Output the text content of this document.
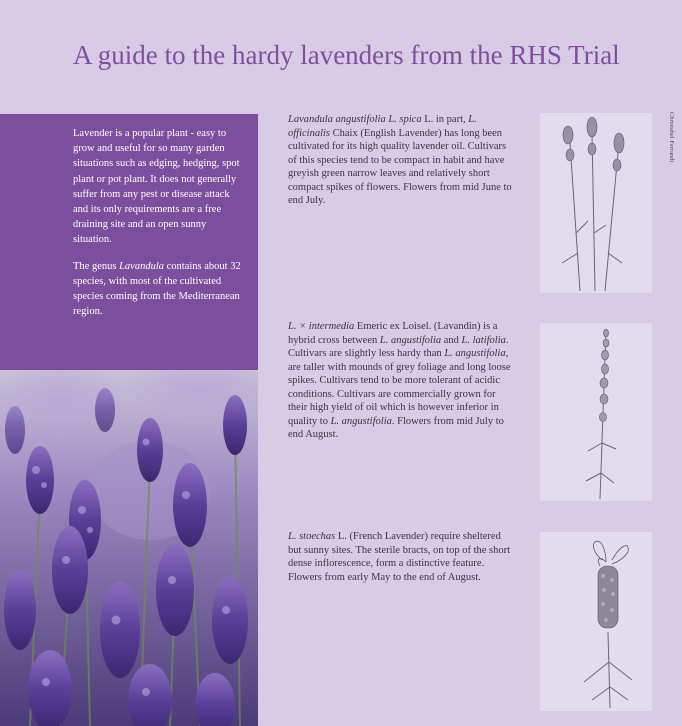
A guide to the hardy lavenders from the RHS Trial

Lavender is a popular plant - easy to grow and useful for so many garden situations such as edging, hedging, spot plant or pot plant. It does not generally suffer from any pest or disease attack and its only requirements are a free draining site and an open sunny situation.

The genus Lavandula contains about 32 species, with most of the cultivated species coming from the Mediterranean region.

Lavandula angustifolia L. spica L. in part, L. officinalis Chaix (English Lavender) has long been cultivated for its high quality lavender oil. Cultivars of this species tend to be compact in habit and have greyish green narrow leaves and relatively short compact spikes of flowers. Flowers from mid June to end July.

L. × intermedia Emeric ex Loisel. (Lavandin) is a hybrid cross between L. angustifolia and L. latifolia. Cultivars are slightly less hardy than L. angustifolia, are taller with mounds of grey foliage and long loose spikes. Cultivars tend to be more tolerant of acidic conditions. Cultivars are commercially grown for their high yield of oil which is however inferior in quality to L. angustifolia. Flowers from mid July to end August.

L. stoechas L. (French Lavender) require sheltered but sunny sites. The sterile bracts, on top of the short dense inflorescence, form a distinctive feature. Flowers from early May to the end of August.

Christabel Ferrandi
